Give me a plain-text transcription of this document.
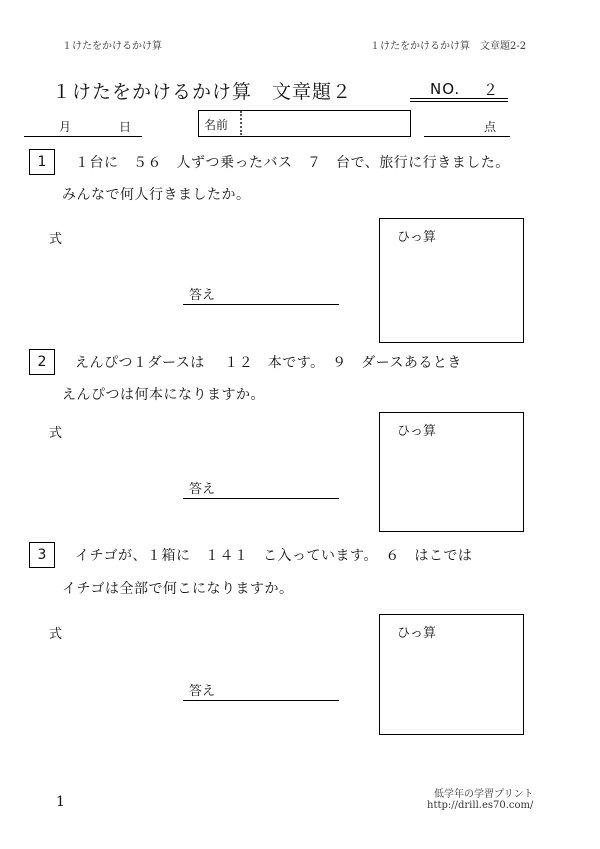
１けたをかけるかけ算	１けたをかけるかけ算　文章題2-2
１けたをかけるかけ算　文章題２	NO. ２
月	日	名前	点
1	１台に　５６　人ずつ乗ったバス　７　台で、旅行に行きました。
みんなで何人行きましたか。
式
答え
ひっ算
2	えんぴつ１ダースは　 １２　本です。　９　ダースあるとき
えんぴつは何本になりますか。
式
答え
ひっ算
3	イチゴが、１箱に　１４１　こ入っています。　６　はこでは
イチゴは全部で何こになりますか。
式
答え
ひっ算
1	低学年の学習プリント
http://drill.es70.com/
